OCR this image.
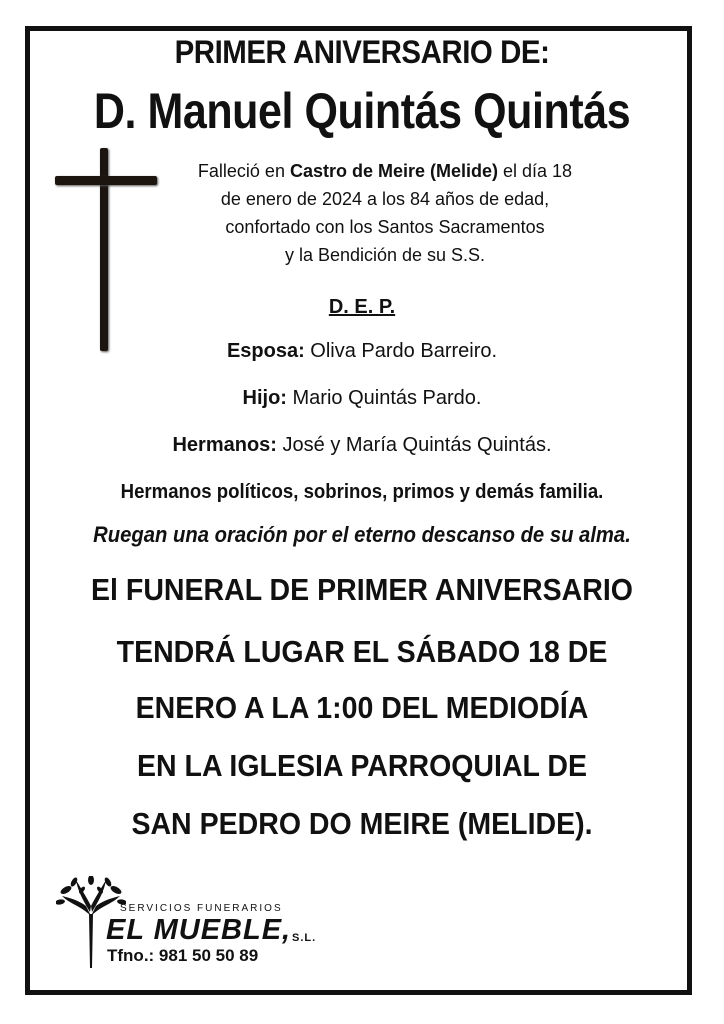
PRIMER ANIVERSARIO DE:
D. Manuel Quintás Quintás
Falleció en Castro de Meire (Melide) el día 18
de enero de 2024 a los 84 años de edad,
confortado con los Santos Sacramentos
y la Bendición de su S.S.
D. E. P.
Esposa: Oliva Pardo Barreiro.
Hijo: Mario Quintás Pardo.
Hermanos: José y María Quintás Quintás.
Hermanos políticos, sobrinos, primos y demás familia.
Ruegan una oración por el eterno descanso de su alma.
El FUNERAL DE PRIMER ANIVERSARIO
TENDRÁ LUGAR EL SÁBADO 18 DE
ENERO A LA 1:00 DEL MEDIODÍA
EN LA IGLESIA PARROQUIAL DE
SAN PEDRO DO MEIRE (MELIDE).
SERVICIOS FUNERARIOS
EL MUEBLE, S.L.
Tfno.: 981 50 50 89
